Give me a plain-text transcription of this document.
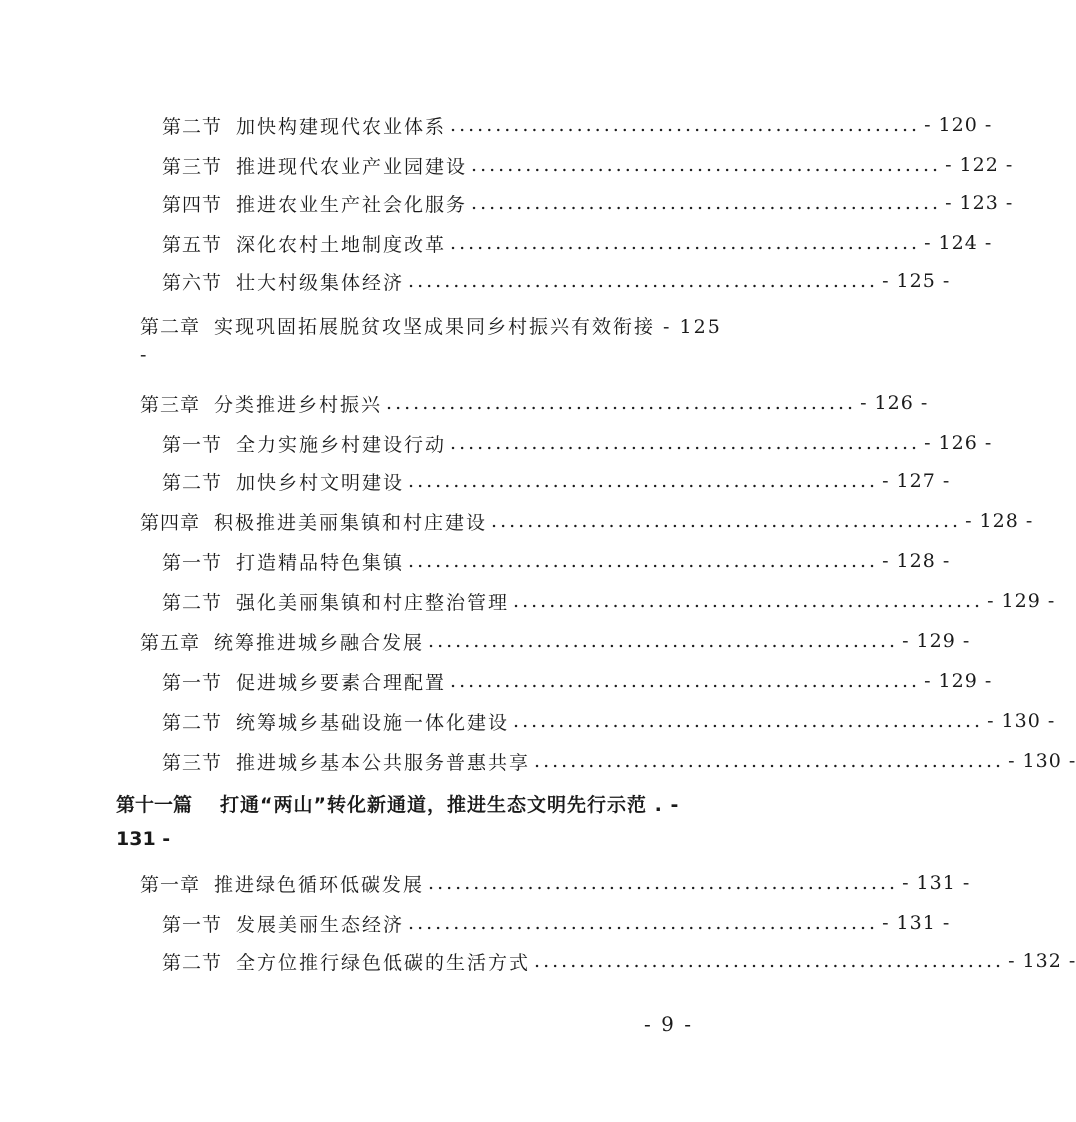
第二节 加快构建现代农业体系 .................................................... - 120 -
第三节 推进现代农业产业园建设 .................................................... - 122 -
第四节 推进农业生产社会化服务 .................................................... - 123 -
第五节 深化农村土地制度改革 .................................................... - 124 -
第六节 壮大村级集体经济 .................................................... - 125 -
第二章 实现巩固拓展脱贫攻坚成果同乡村振兴有效衔接 - 125
-
第三章 分类推进乡村振兴 .................................................... - 126 -
第一节 全力实施乡村建设行动 .................................................... - 126 -
第二节 加快乡村文明建设 .................................................... - 127 -
第四章 积极推进美丽集镇和村庄建设 .................................................... - 128 -
第一节 打造精品特色集镇 .................................................... - 128 -
第二节 强化美丽集镇和村庄整治管理 .................................................... - 129 -
第五章 统筹推进城乡融合发展 .................................................... - 129 -
第一节 促进城乡要素合理配置 .................................................... - 129 -
第二节 统筹城乡基础设施一体化建设 .................................................... - 130 -
第三节 推进城乡基本公共服务普惠共享 .................................................... - 130 -
第十一篇 打通“两山”转化新通道，推进生态文明先行示范 . -
131 -
第一章 推进绿色循环低碳发展 .................................................... - 131 -
第一节 发展美丽生态经济 .................................................... - 131 -
第二节 全方位推行绿色低碳的生活方式 .................................................... - 132 -
- 9 -
